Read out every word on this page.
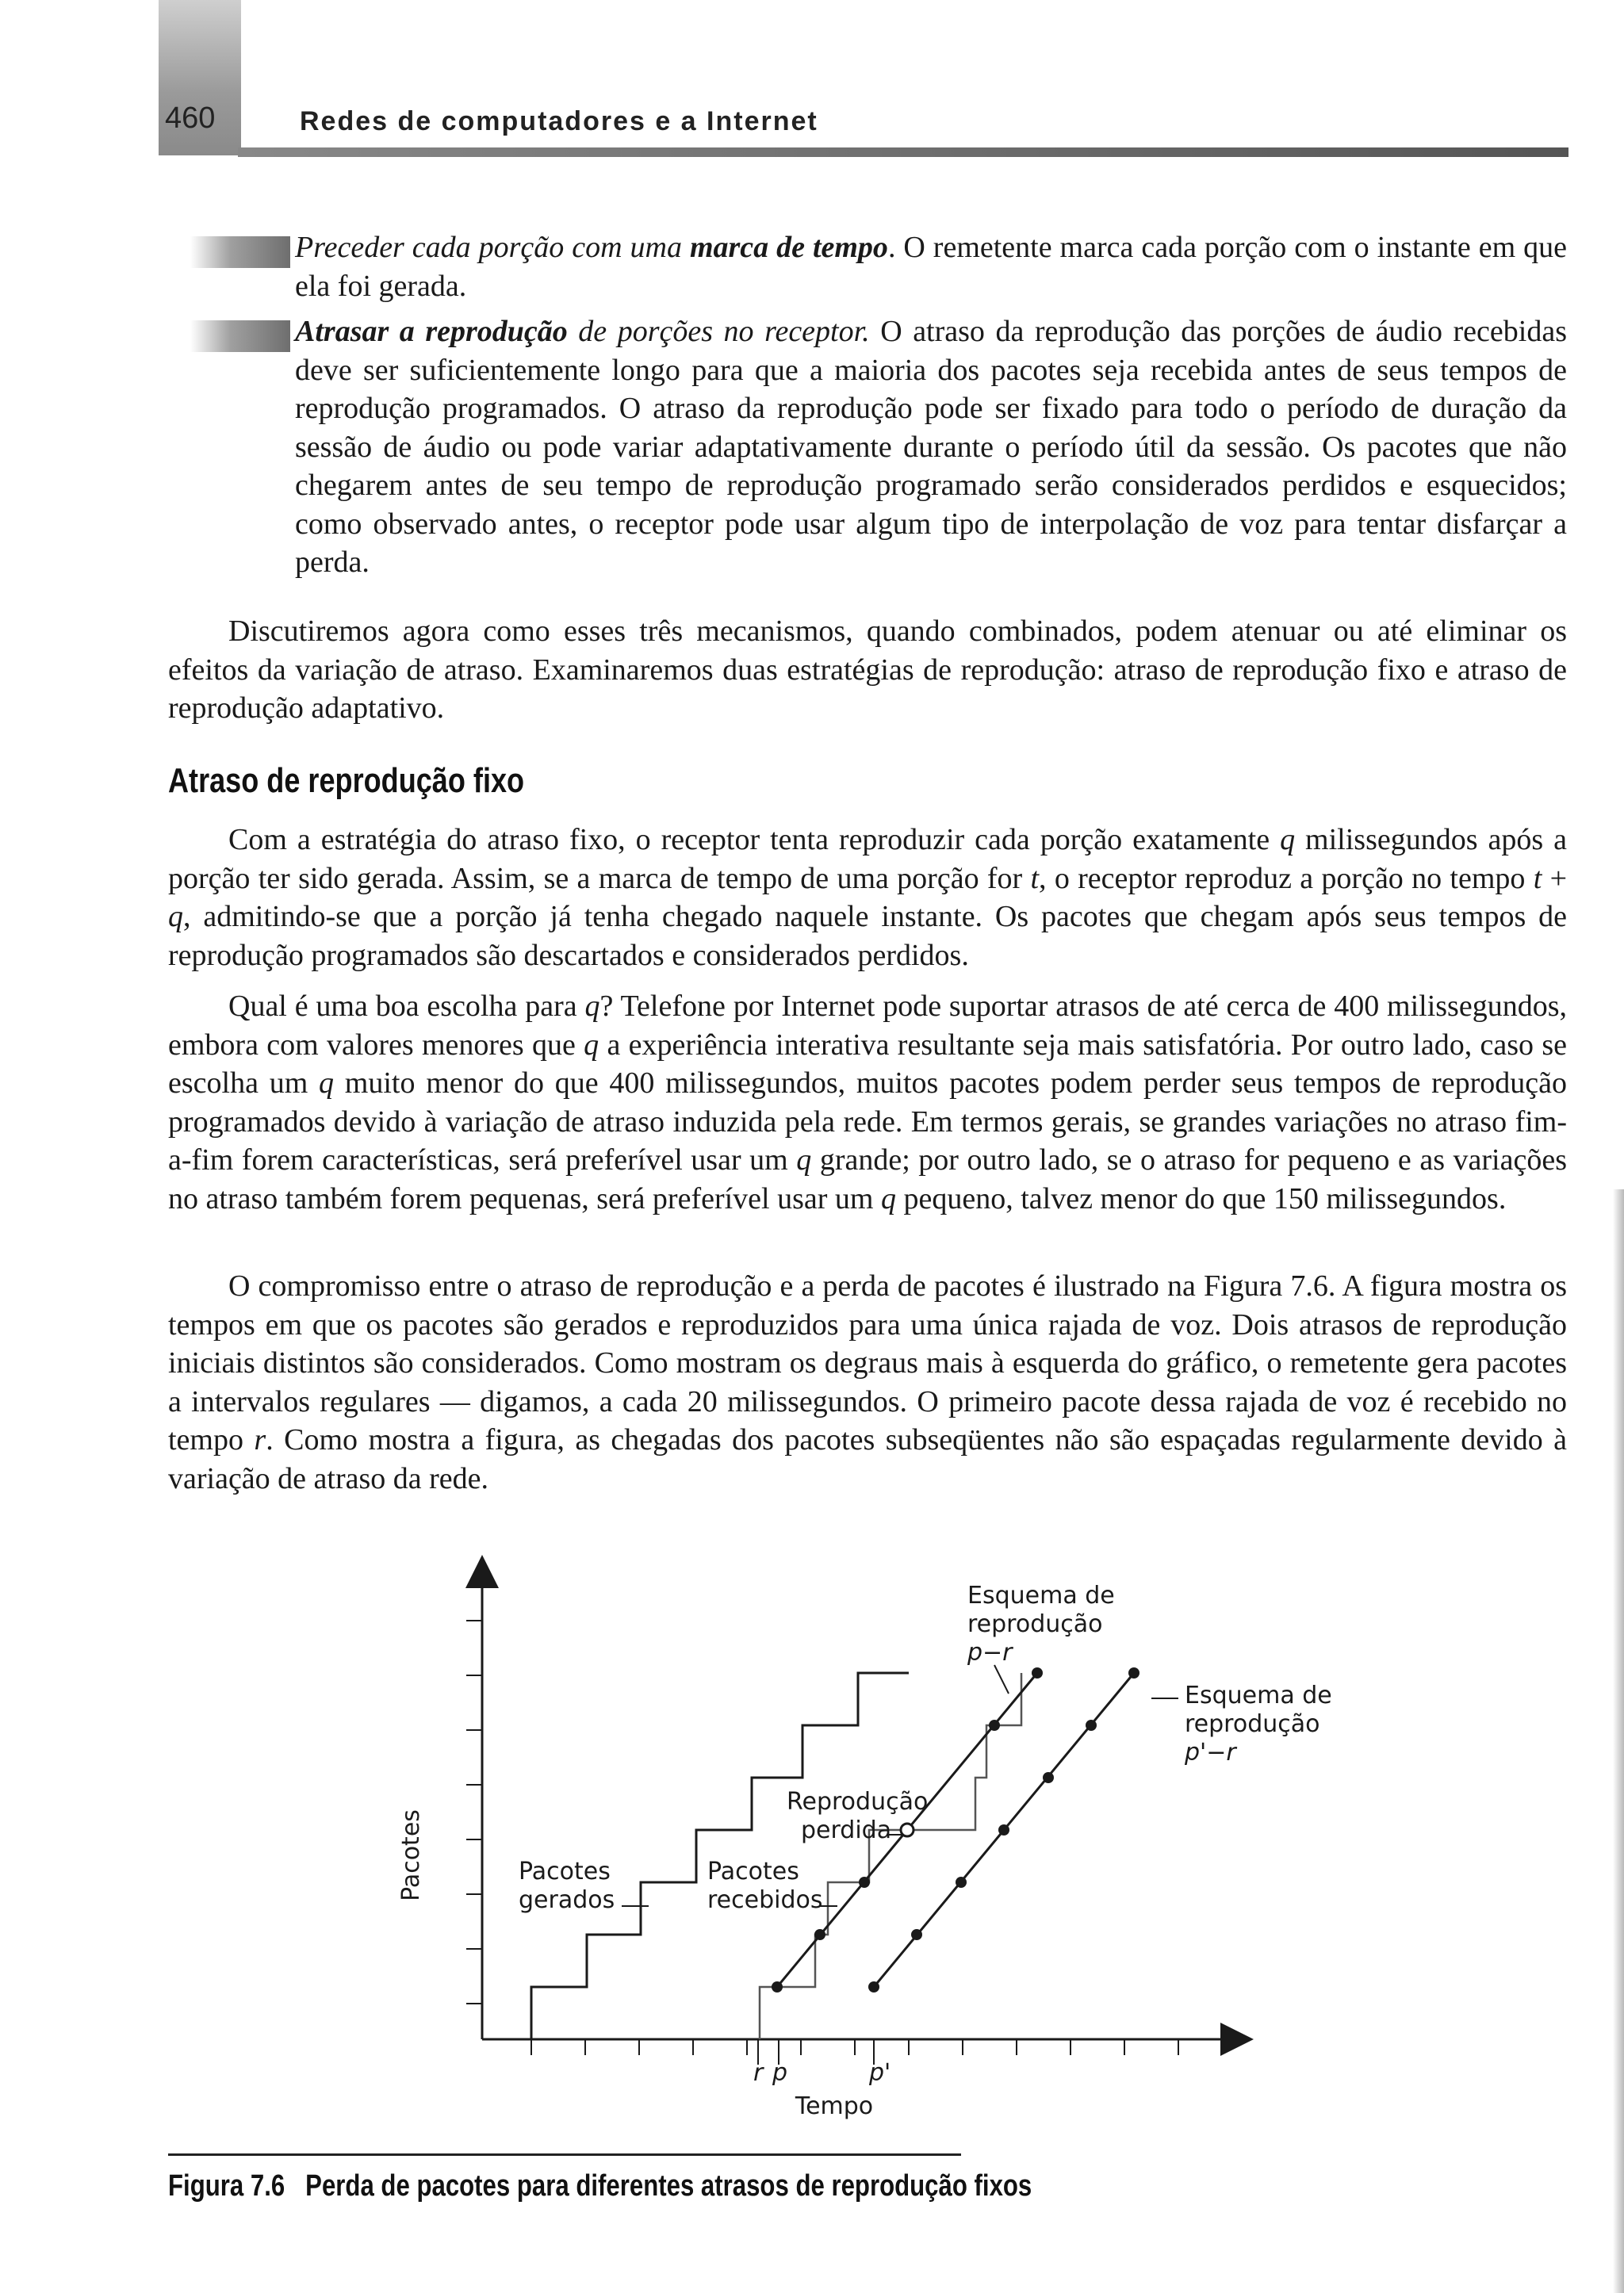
460	Redes de computadores e a Internet

Preceder cada porção com uma marca de tempo. O remetente marca cada porção com o instante em que ela foi gerada.

Atrasar a reprodução de porções no receptor. O atraso da reprodução das porções de áudio recebidas deve ser suficientemente longo para que a maioria dos pacotes seja recebida antes de seus tempos de reprodução programados. O atraso da reprodução pode ser fixado para todo o período de duração da sessão de áudio ou pode variar adaptativamente durante o período útil da sessão. Os pacotes que não chegarem antes de seu tempo de reprodução programado serão considerados perdidos e esquecidos; como observado antes, o receptor pode usar algum tipo de interpolação de voz para tentar disfarçar a perda.

Discutiremos agora como esses três mecanismos, quando combinados, podem atenuar ou até eliminar os efeitos da variação de atraso. Examinaremos duas estratégias de reprodução: atraso de reprodução fixo e atraso de reprodução adaptativo.

Atraso de reprodução fixo

Com a estratégia do atraso fixo, o receptor tenta reproduzir cada porção exatamente q milissegundos após a porção ter sido gerada. Assim, se a marca de tempo de uma porção for t, o receptor reproduz a porção no tempo t + q, admitindo-se que a porção já tenha chegado naquele instante. Os pacotes que chegam após seus tempos de reprodução programados são descartados e considerados perdidos.

Qual é uma boa escolha para q? Telefone por Internet pode suportar atrasos de até cerca de 400 milissegundos, embora com valores menores que q a experiência interativa resultante seja mais satisfatória. Por outro lado, caso se escolha um q muito menor do que 400 milissegundos, muitos pacotes podem perder seus tempos de reprodução programados devido à variação de atraso induzida pela rede. Em termos gerais, se grandes variações no atraso fim-a-fim forem características, será preferível usar um q grande; por outro lado, se o atraso for pequeno e as variações no atraso também forem pequenas, será preferível usar um q pequeno, talvez menor do que 150 milissegundos.

O compromisso entre o atraso de reprodução e a perda de pacotes é ilustrado na Figura 7.6. A figura mostra os tempos em que os pacotes são gerados e reproduzidos para uma única rajada de voz. Dois atrasos de reprodução iniciais distintos são considerados. Como mostram os degraus mais à esquerda do gráfico, o remetente gera pacotes a intervalos regulares — digamos, a cada 20 milissegundos. O primeiro pacote dessa rajada de voz é recebido no tempo r. Como mostra a figura, as chegadas dos pacotes subseqüentes não são espaçadas regularmente devido à variação de atraso da rede.

Pacotes
Tempo
Pacotes
gerados
Pacotes
recebidos
Reprodução
perdida
Esquema de
reprodução
p−r
Esquema de
reprodução
p'−r
r p	p'

Figura 7.6 Perda de pacotes para diferentes atrasos de reprodução fixos
